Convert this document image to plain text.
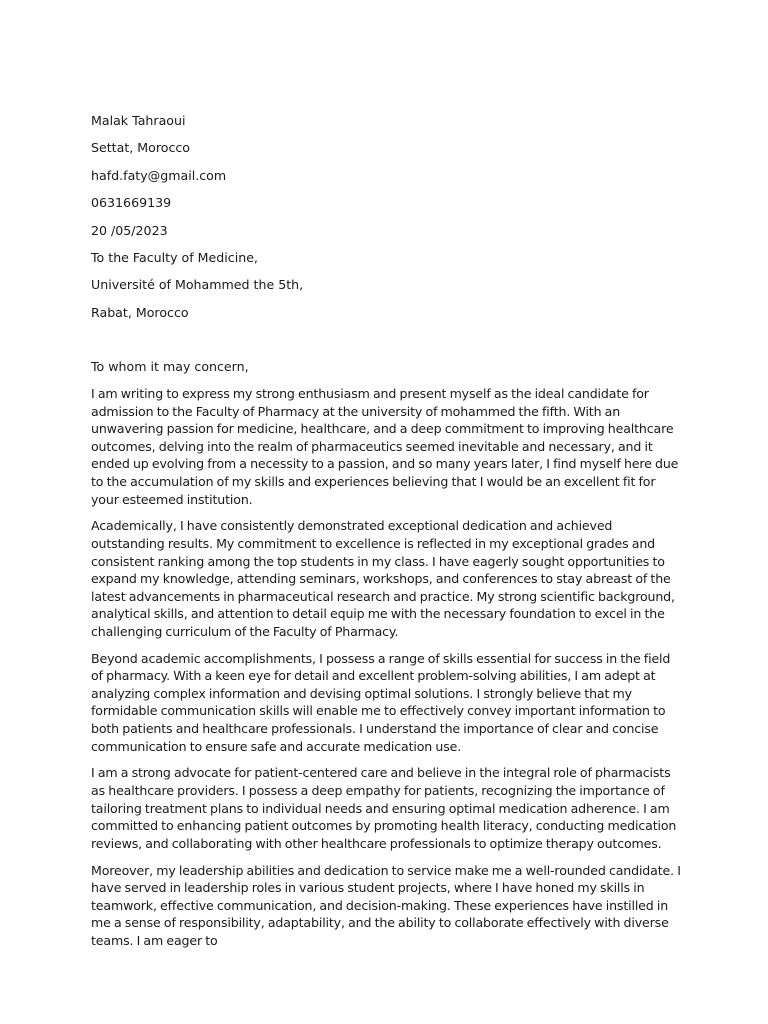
Malak Tahraoui
Settat, Morocco
hafd.faty@gmail.com
0631669139
20 /05/2023
To the Faculty of Medicine,
Université of Mohammed the 5th,
Rabat, Morocco
To whom it may concern,

I am writing to express my strong enthusiasm and present myself as the ideal candidate for admission to the Faculty of Pharmacy at the university of mohammed the fifth. With an unwavering passion for medicine, healthcare, and a deep commitment to improving healthcare outcomes, delving into the realm of pharmaceutics seemed inevitable and necessary, and it ended up evolving from a necessity to a passion, and so many years later, I find myself here due to the accumulation of my skills and experiences believing that I would be an excellent fit for your esteemed institution.

Academically, I have consistently demonstrated exceptional dedication and achieved outstanding results. My commitment to excellence is reflected in my exceptional grades and consistent ranking among the top students in my class. I have eagerly sought opportunities to expand my knowledge, attending seminars, workshops, and conferences to stay abreast of the latest advancements in pharmaceutical research and practice. My strong scientific background, analytical skills, and attention to detail equip me with the necessary foundation to excel in the challenging curriculum of the Faculty of Pharmacy.

Beyond academic accomplishments, I possess a range of skills essential for success in the field of pharmacy. With a keen eye for detail and excellent problem-solving abilities, I am adept at analyzing complex information and devising optimal solutions. I strongly believe that my formidable communication skills will enable me to effectively convey important information to both patients and healthcare professionals. I understand the importance of clear and concise communication to ensure safe and accurate medication use.

I am a strong advocate for patient-centered care and believe in the integral role of pharmacists as healthcare providers. I possess a deep empathy for patients, recognizing the importance of tailoring treatment plans to individual needs and ensuring optimal medication adherence. I am committed to enhancing patient outcomes by promoting health literacy, conducting medication reviews, and collaborating with other healthcare professionals to optimize therapy outcomes.

Moreover, my leadership abilities and dedication to service make me a well-rounded candidate. I have served in leadership roles in various student projects, where I have honed my skills in teamwork, effective communication, and decision-making. These experiences have instilled in me a sense of responsibility, adaptability, and the ability to collaborate effectively with diverse teams. I am eager to
